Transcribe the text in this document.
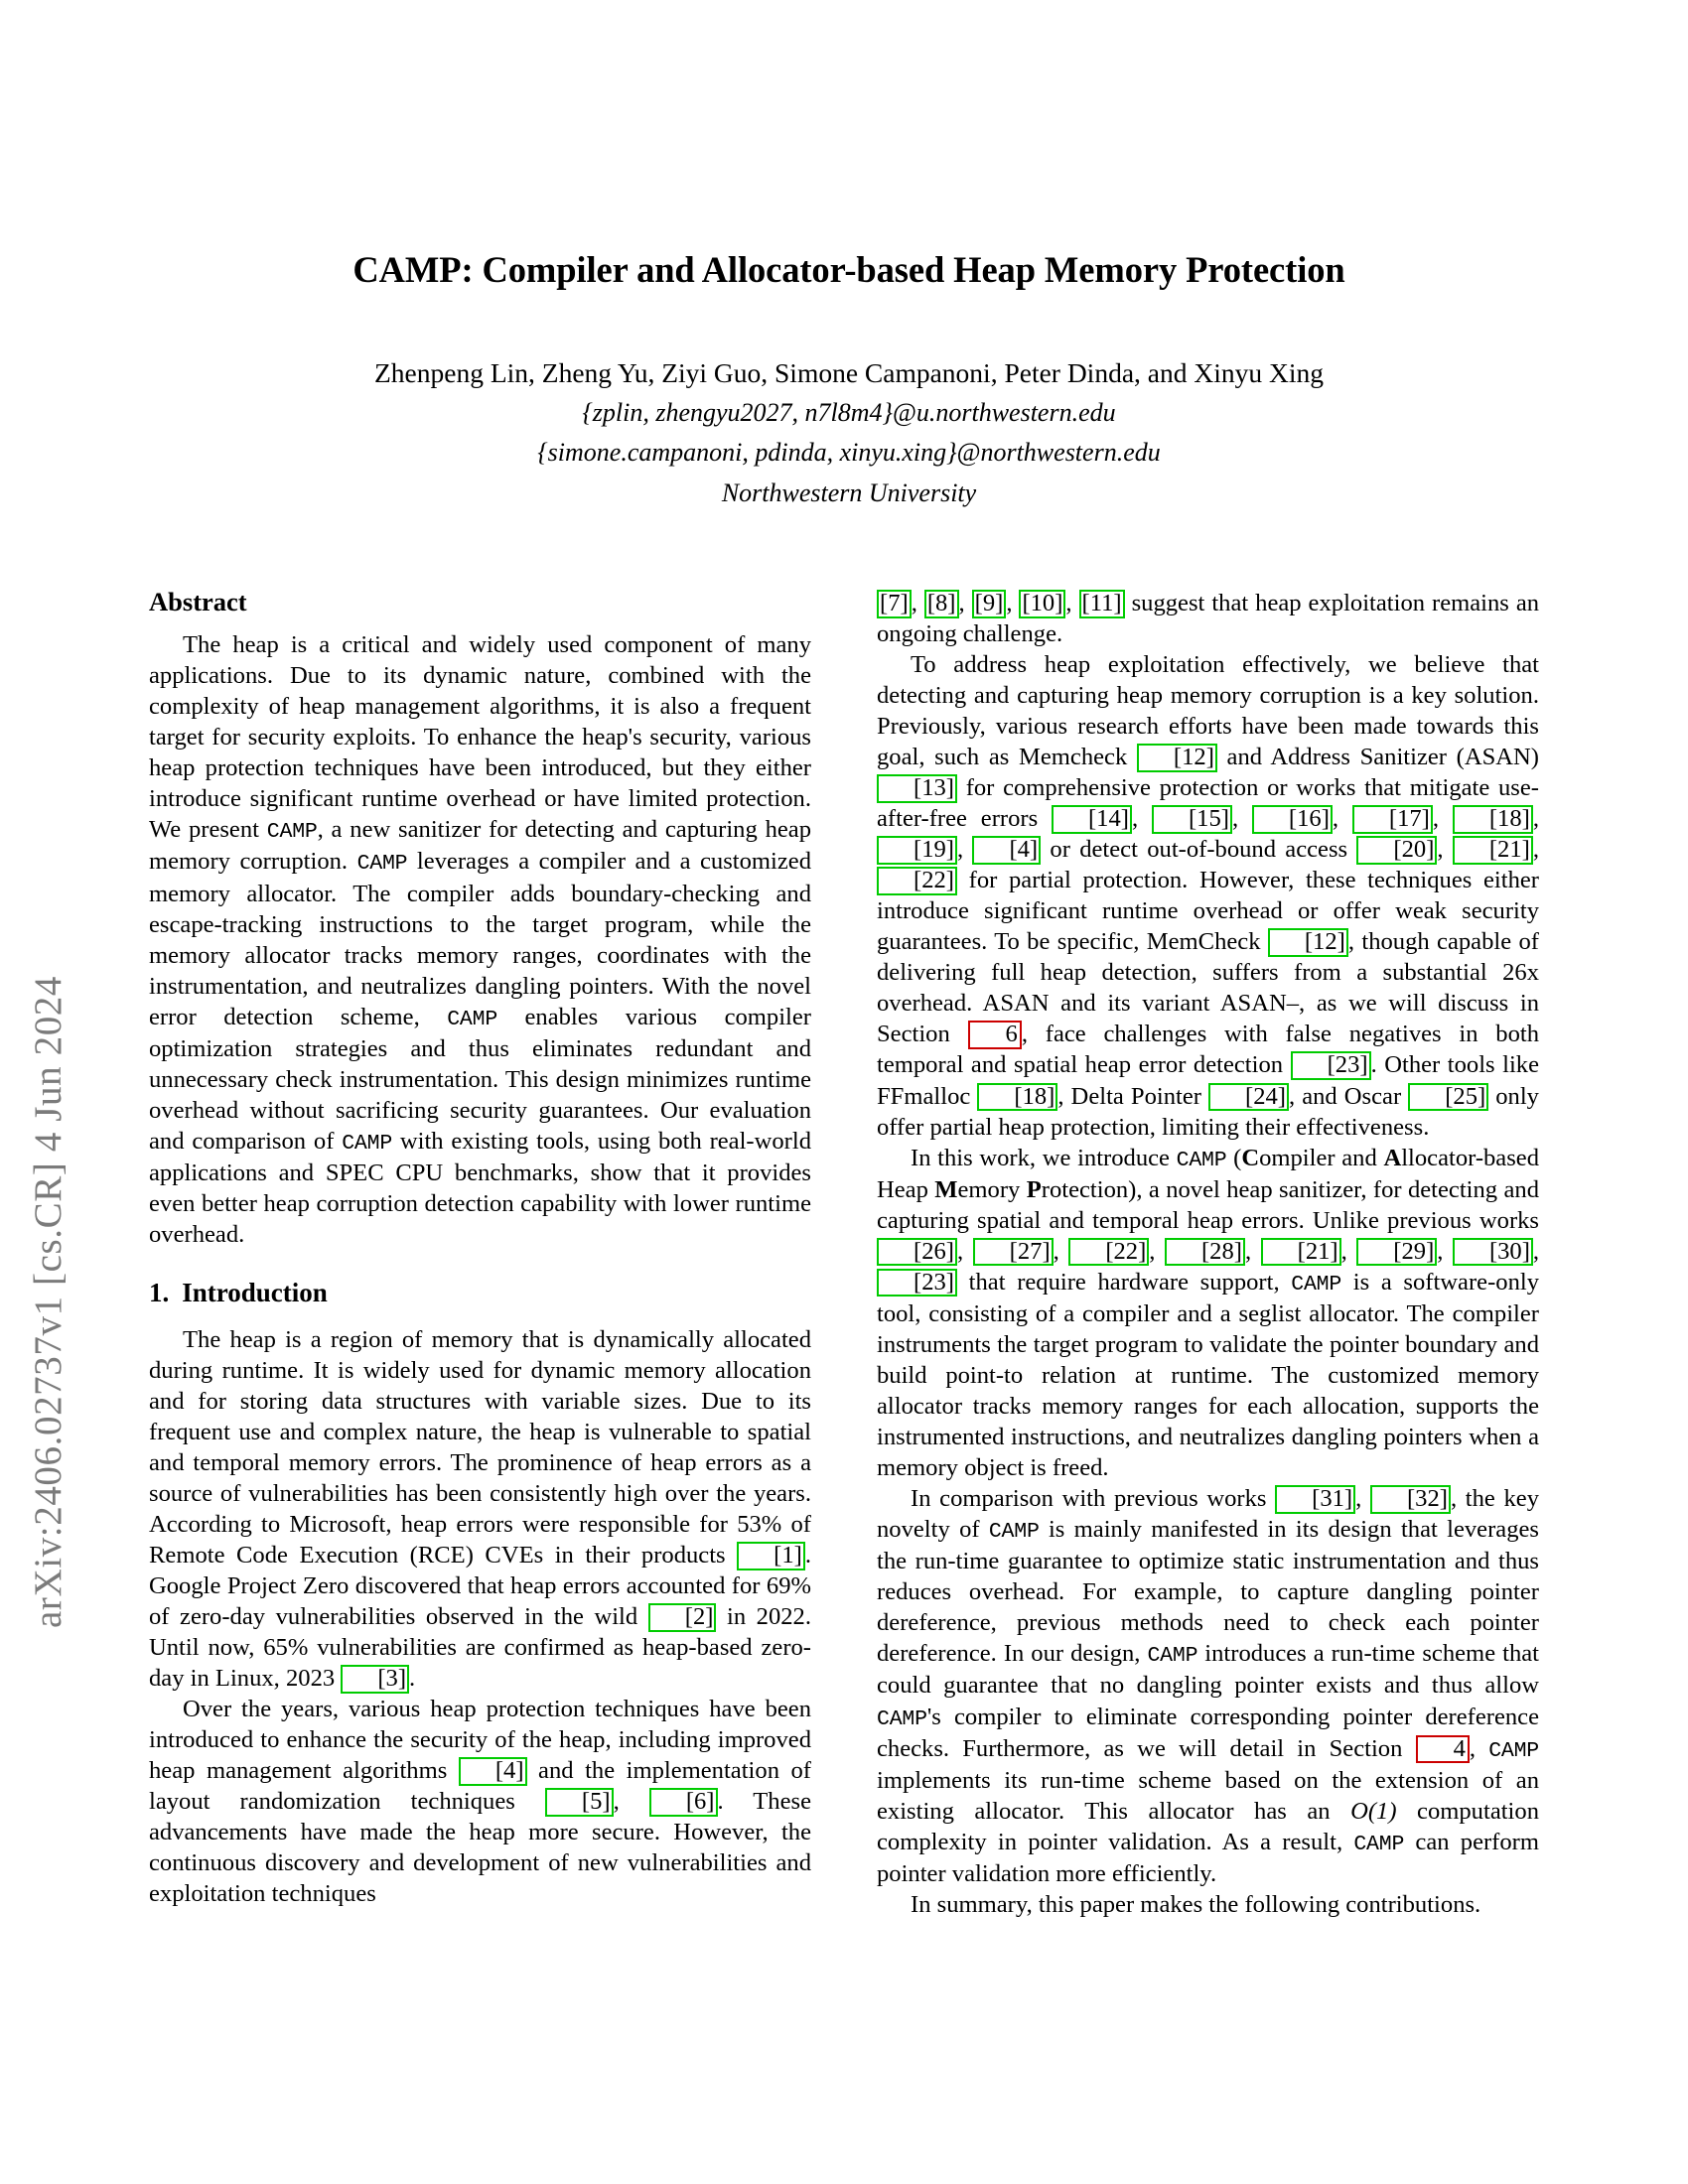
arXiv:2406.02737v1 [cs.CR] 4 Jun 2024
CAMP: Compiler and Allocator-based Heap Memory Protection
Zhenpeng Lin, Zheng Yu, Ziyi Guo, Simone Campanoni, Peter Dinda, and Xinyu Xing
{zplin, zhengyu2027, n7l8m4}@u.northwestern.edu
{simone.campanoni, pdinda, xinyu.xing}@northwestern.edu
Northwestern University
Abstract

The heap is a critical and widely used component of many applications. Due to its dynamic nature, combined with the complexity of heap management algorithms, it is also a frequent target for security exploits. To enhance the heap's security, various heap protection techniques have been introduced, but they either introduce significant runtime overhead or have limited protection. We present CAMP, a new sanitizer for detecting and capturing heap memory corruption. CAMP leverages a compiler and a customized memory allocator. The compiler adds boundary-checking and escape-tracking instructions to the target program, while the memory allocator tracks memory ranges, coordinates with the instrumentation, and neutralizes dangling pointers. With the novel error detection scheme, CAMP enables various compiler optimization strategies and thus eliminates redundant and unnecessary check instrumentation. This design minimizes runtime overhead without sacrificing security guarantees. Our evaluation and comparison of CAMP with existing tools, using both real-world applications and SPEC CPU benchmarks, show that it provides even better heap corruption detection capability with lower runtime overhead.

1. Introduction

The heap is a region of memory that is dynamically allocated during runtime. It is widely used for dynamic memory allocation and for storing data structures with variable sizes. Due to its frequent use and complex nature, the heap is vulnerable to spatial and temporal memory errors. The prominence of heap errors as a source of vulnerabilities has been consistently high over the years. According to Microsoft, heap errors were responsible for 53% of Remote Code Execution (RCE) CVEs in their products [1] . Google Project Zero discovered that heap errors accounted for 69% of zero-day vulnerabilities observed in the wild [2] in 2022. Until now, 65% vulnerabilities are confirmed as heap-based zero-day in Linux, 2023 [3] .

Over the years, various heap protection techniques have been introduced to enhance the security of the heap, including improved heap management algorithms [4] and the implementation of layout randomization techniques [5] , [6] . These advancements have made the heap more secure. However, the continuous discovery and development of new vulnerabilities and exploitation techniques

[7] , [8] , [9] , [10] , [11] suggest that heap exploitation remains an ongoing challenge.

To address heap exploitation effectively, we believe that detecting and capturing heap memory corruption is a key solution. Previously, various research efforts have been made towards this goal, such as Memcheck [12] and Address Sanitizer (ASAN) [13] for comprehensive protection or works that mitigate use-after-free errors [14] , [15] , [16] , [17] , [18] , [19] , [4] or detect out-of-bound access [20] , [21] , [22] for partial protection. However, these techniques either introduce significant runtime overhead or offer weak security guarantees. To be specific, MemCheck [12] , though capable of delivering full heap detection, suffers from a substantial 26x overhead. ASAN and its variant ASAN–, as we will discuss in Section 6 , face challenges with false negatives in both temporal and spatial heap error detection [23] . Other tools like FFmalloc [18] , Delta Pointer [24] , and Oscar [25] only offer partial heap protection, limiting their effectiveness.

In this work, we introduce CAMP (Compiler and Allocator-based Heap Memory Protection), a novel heap sanitizer, for detecting and capturing spatial and temporal heap errors. Unlike previous works [26] , [27] , [22] , [28] , [21] , [29] , [30] , [23] that require hardware support, CAMP is a software-only tool, consisting of a compiler and a seglist allocator. The compiler instruments the target program to validate the pointer boundary and build point-to relation at runtime. The customized memory allocator tracks memory ranges for each allocation, supports the instrumented instructions, and neutralizes dangling pointers when a memory object is freed.

In comparison with previous works [31] , [32] , the key novelty of CAMP is mainly manifested in its design that leverages the run-time guarantee to optimize static instrumentation and thus reduces overhead. For example, to capture dangling pointer dereference, previous methods need to check each pointer dereference. In our design, CAMP introduces a run-time scheme that could guarantee that no dangling pointer exists and thus allow CAMP's compiler to eliminate corresponding pointer dereference checks. Furthermore, as we will detail in Section 4 , CAMP implements its run-time scheme based on the extension of an existing allocator. This allocator has an O(1) computation complexity in pointer validation. As a result, CAMP can perform pointer validation more efficiently.

In summary, this paper makes the following contributions.
